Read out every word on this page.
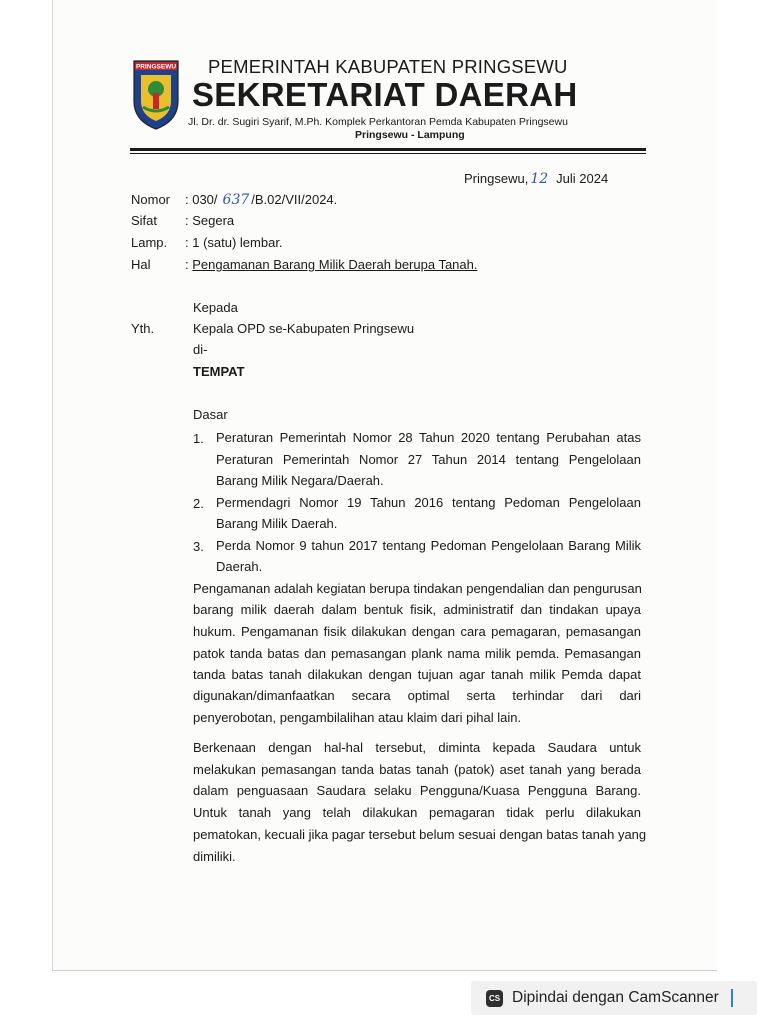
PRINGSEWU PEMERINTAH KABUPATEN PRINGSEWU
SEKRETARIAT DAERAH
Jl. Dr. dr. Sugiri Syarif, M.Ph. Komplek Perkantoran Pemda Kabupaten Pringsewu
Pringsewu - Lampung
Pringsewu, 12 Juli 2024
Nomor : 030/ 637 /B.02/VII/2024.
Sifat : Segera
Lamp. : 1 (satu) lembar.
Hal	: Pengamanan Barang Milik Daerah berupa Tanah.
Kepada
Yth.	Kepala OPD se-Kabupaten Pringsewu
di-
TEMPAT
Dasar
1. Peraturan Pemerintah Nomor 28 Tahun 2020 tentang Perubahan atas
Peraturan Pemerintah Nomor 27 Tahun 2014 tentang Pengelolaan
Barang Milik Negara/Daerah.
2. Permendagri Nomor 19 Tahun 2016 tentang Pedoman Pengelolaan
Barang Milik Daerah.
3. Perda Nomor 9 tahun 2017 tentang Pedoman Pengelolaan Barang Milik
Daerah.
Pengamanan adalah kegiatan berupa tindakan pengendalian dan pengurusan
barang milik daerah dalam bentuk fisik, administratif dan tindakan upaya
hukum. Pengamanan fisik dilakukan dengan cara pemagaran, pemasangan
patok tanda batas dan pemasangan plank nama milik pemda. Pemasangan
tanda batas tanah dilakukan dengan tujuan agar tanah milik Pemda dapat
digunakan/dimanfaatkan secara optimal serta terhindar dari dari
penyerobotan, pengambilalihan atau klaim dari pihal lain.
Berkenaan dengan hal-hal tersebut, diminta kepada Saudara untuk
melakukan pemasangan tanda batas tanah (patok) aset tanah yang berada
dalam penguasaan Saudara selaku Pengguna/Kuasa Pengguna Barang.
Untuk tanah yang telah dilakukan pemagaran tidak perlu dilakukan
pematokan, kecuali jika pagar tersebut belum sesuai dengan batas tanah yang
dimiliki.
CS Dipindai dengan CamScanner
